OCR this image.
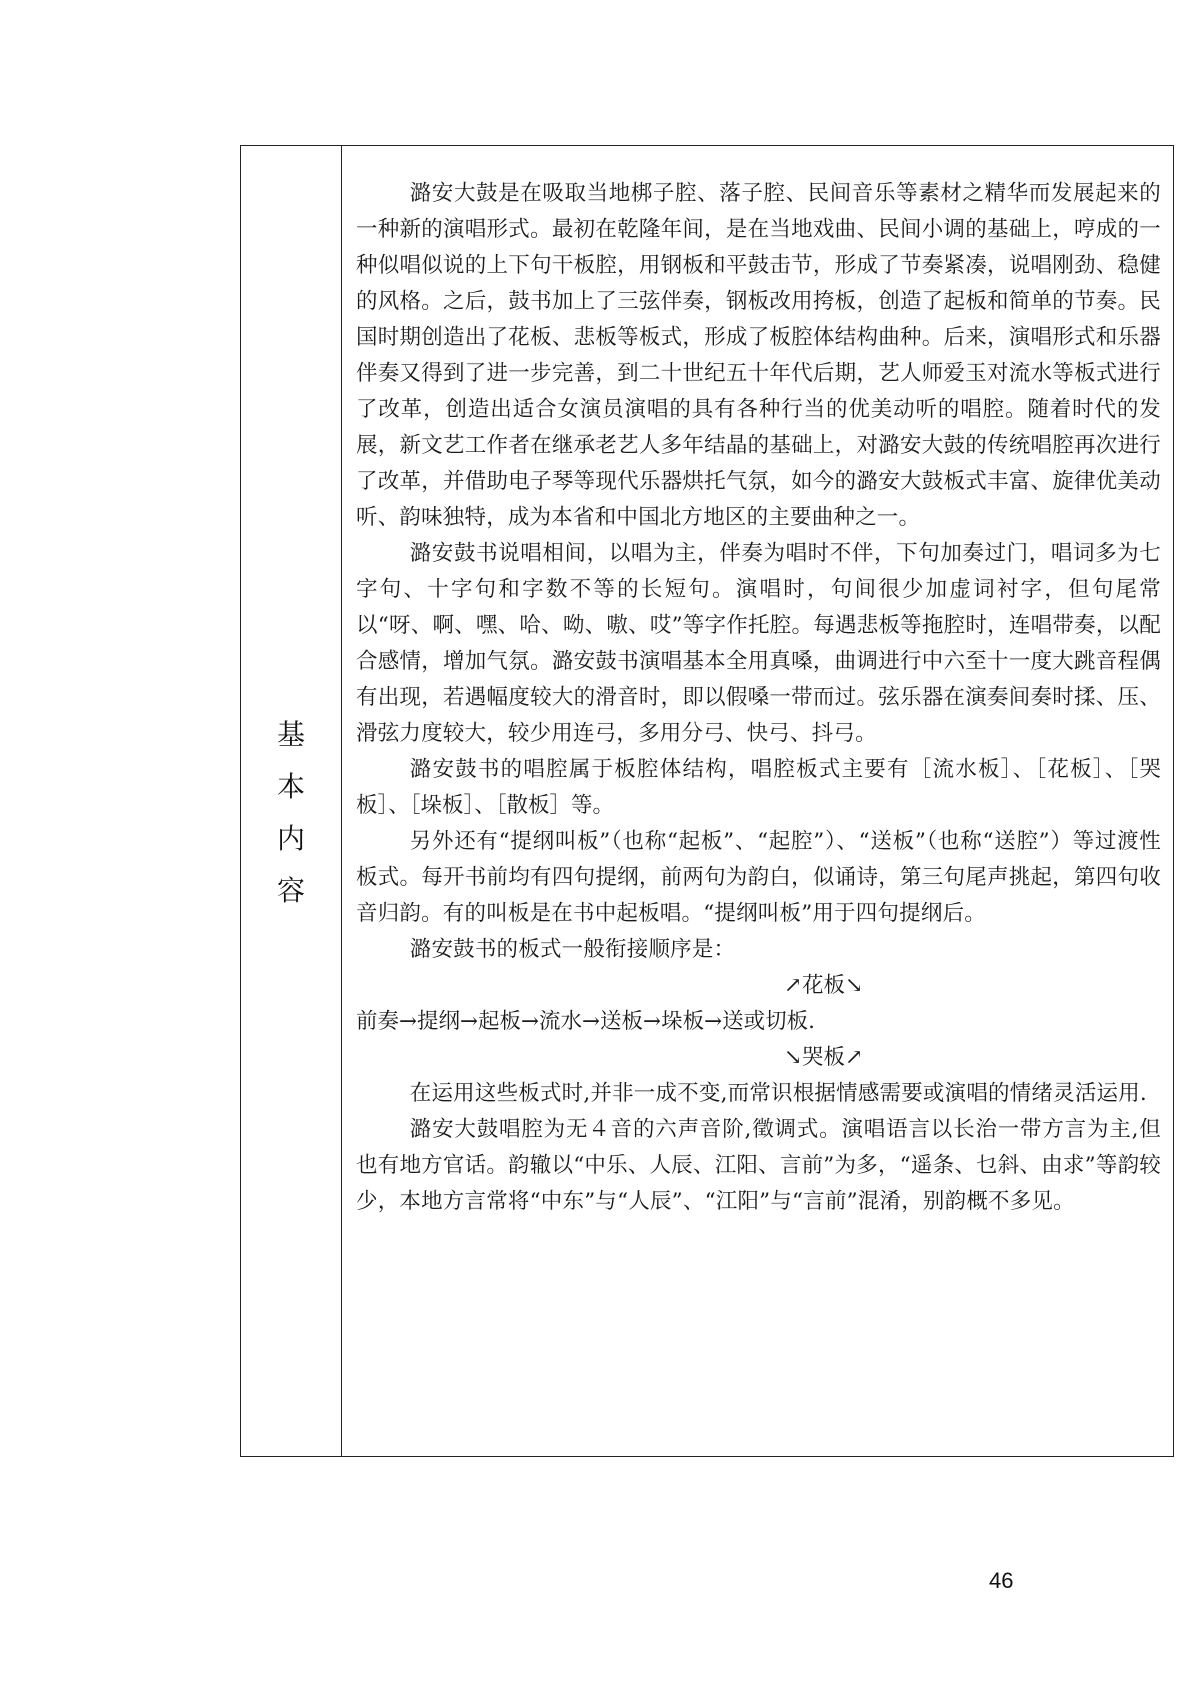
基
本
内
容

潞安大鼓是在吸取当地梆子腔、落子腔、民间音乐等素材之精华而发展起来的一种新的演唱形式。最初在乾隆年间，是在当地戏曲、民间小调的基础上，哼成的一种似唱似说的上下句干板腔，用钢板和平鼓击节，形成了节奏紧凑，说唱刚劲、稳健的风格。之后，鼓书加上了三弦伴奏，钢板改用挎板，创造了起板和简单的节奏。民国时期创造出了花板、悲板等板式，形成了板腔体结构曲种。后来，演唱形式和乐器伴奏又得到了进一步完善，到二十世纪五十年代后期，艺人师爱玉对流水等板式进行了改革，创造出适合女演员演唱的具有各种行当的优美动听的唱腔。随着时代的发展，新文艺工作者在继承老艺人多年结晶的基础上，对潞安大鼓的传统唱腔再次进行了改革，并借助电子琴等现代乐器烘托气氛，如今的潞安大鼓板式丰富、旋律优美动听、韵味独特，成为本省和中国北方地区的主要曲种之一。

潞安鼓书说唱相间，以唱为主，伴奏为唱时不伴，下句加奏过门，唱词多为七字句、十字句和字数不等的长短句。演唱时，句间很少加虚词衬字，但句尾常以“呀、啊、嘿、哈、呦、嗷、哎”等字作托腔。每遇悲板等拖腔时，连唱带奏，以配合感情，增加气氛。潞安鼓书演唱基本全用真嗓，曲调进行中六至十一度大跳音程偶有出现，若遇幅度较大的滑音时，即以假嗓一带而过。弦乐器在演奏间奏时揉、压、滑弦力度较大，较少用连弓，多用分弓、快弓、抖弓。

潞安鼓书的唱腔属于板腔体结构，唱腔板式主要有［流水板］、［花板］、［哭板］、［垛板］、［散板］等。

另外还有“提纲叫板”（也称“起板”、“起腔”）、“送板”（也称“送腔”）等过渡性板式。每开书前均有四句提纲，前两句为韵白，似诵诗，第三句尾声挑起，第四句收音归韵。有的叫板是在书中起板唱。“提纲叫板”用于四句提纲后。

潞安鼓书的板式一般衔接顺序是：

↗花板↘

前奏→提纲→起板→流水→送板→垛板→送或切板.

↘哭板↗

在运用这些板式时,并非一成不变,而常识根据情感需要或演唱的情绪灵活运用.

潞安大鼓唱腔为无４音的六声音阶,徵调式。演唱语言以长治一带方言为主,但也有地方官话。韵辙以“中乐、人辰、江阳、言前”为多，“遥条、乜斜、由求”等韵较少，本地方言常将“中东”与“人辰”、“江阳”与“言前”混淆，别韵概不多见。

46
